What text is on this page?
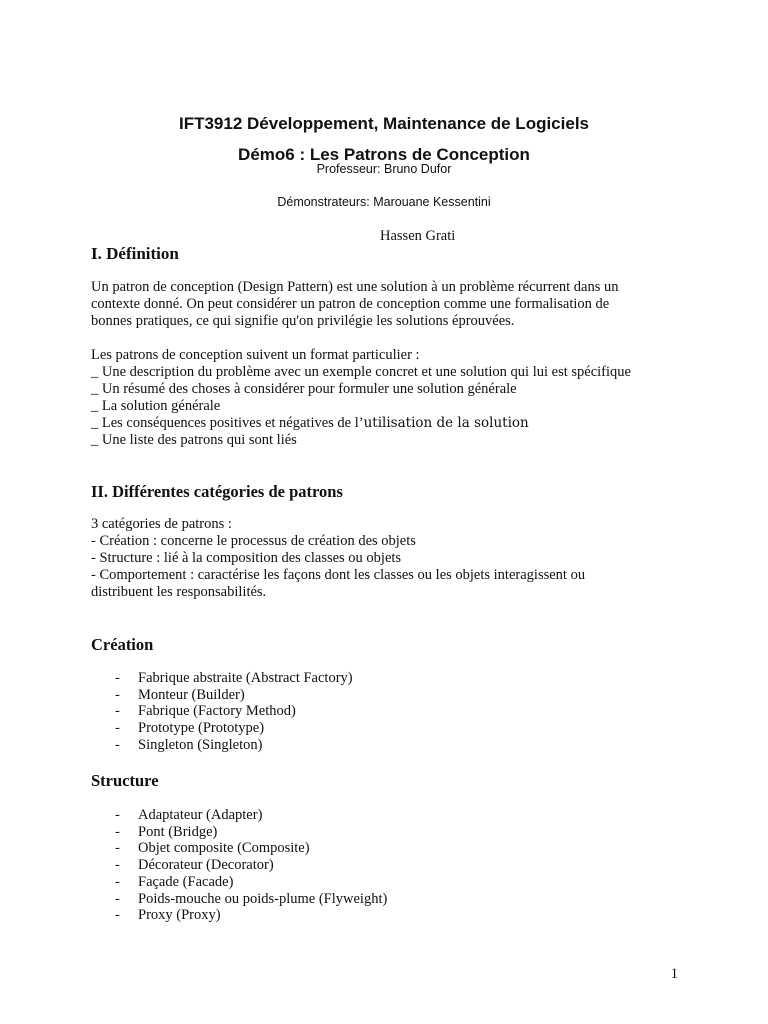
IFT3912 Développement, Maintenance de Logiciels
Démo6 : Les Patrons de Conception
Professeur: Bruno Dufor
Démonstrateurs: Marouane Kessentini
Hassen Grati
I. Définition
Un patron de conception (Design Pattern) est une solution à un problème récurrent dans un
contexte donné. On peut considérer un patron de conception comme une formalisation de
bonnes pratiques, ce qui signifie qu'on privilégie les solutions éprouvées.
Les patrons de conception suivent un format particulier :
_ Une description du problème avec un exemple concret et une solution qui lui est spécifique
_ Un résumé des choses à considérer pour formuler une solution générale
_ La solution générale
_ Les conséquences positives et négatives de l’utilisation de la solution
_ Une liste des patrons qui sont liés
II. Différentes catégories de patrons
3 catégories de patrons :
- Création : concerne le processus de création des objets
- Structure : lié à la composition des classes ou objets
- Comportement : caractérise les façons dont les classes ou les objets interagissent ou
distribuent les responsabilités.
Création
- Fabrique abstraite (Abstract Factory)
- Monteur (Builder)
- Fabrique (Factory Method)
- Prototype (Prototype)
- Singleton (Singleton)
Structure
- Adaptateur (Adapter)
- Pont (Bridge)
- Objet composite (Composite)
- Décorateur (Decorator)
- Façade (Facade)
- Poids-mouche ou poids-plume (Flyweight)
- Proxy (Proxy)
1
